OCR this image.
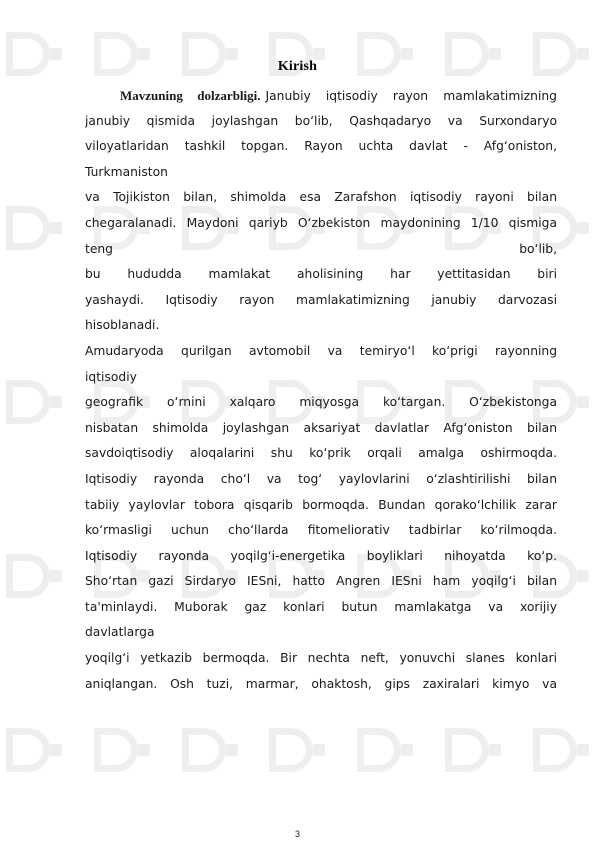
Kirish
Mavzuning dolzarbligi. Janubiy iqtisodiy rayon mamlakatimizning
janubiy qismida joylashgan bo‘lib, Qashqadaryo va Surxondaryo
viloyatlaridan tashkil topgan. Rayon uchta davlat - Afg‘oniston,
Turkmaniston
va Tojikiston bilan, shimolda esa Zarafshon iqtisodiy rayoni bilan
chegaralanadi. Maydoni qariyb O‘zbekiston maydonining 1/10 qismiga
teng bo‘lib,
bu hududda mamlakat aholisining har yettitasidan biri
yashaydi. Iqtisodiy rayon mamlakatimizning janubiy darvozasi
hisoblanadi.
Amudaryoda qurilgan avtomobil va temiryo‘l ko‘prigi rayonning
iqtisodiy
geografik o‘rnini xalqaro miqyosga ko‘targan. O‘zbekistonga
nisbatan shimolda joylashgan aksariyat davlatlar Afg‘oniston bilan
savdoiqtisodiy aloqalarini shu ko‘prik orqali amalga oshirmoqda.
Iqtisodiy rayonda cho‘l va tog‘ yaylovlarini o‘zlashtirilishi bilan
tabiiy yaylovlar tobora qisqarib bormoqda. Bundan qorako‘lchilik zarar
ko‘rmasligi uchun cho‘llarda fitomeliorativ tadbirlar ko‘rilmoqda.
Iqtisodiy rayonda yoqilg‘i-energetika boyliklari nihoyatda ko‘p.
Sho‘rtan gazi Sirdaryo IESni, hatto Angren IESni ham yoqilg‘i bilan
ta'minlaydi. Muborak gaz konlari butun mamlakatga va xorijiy
davlatlarga
yoqilg‘i yetkazib bermoqda. Bir nechta neft, yonuvchi slanes konlari
aniqlangan. Osh tuzi, marmar, ohaktosh, gips zaxiralari kimyo va
3
